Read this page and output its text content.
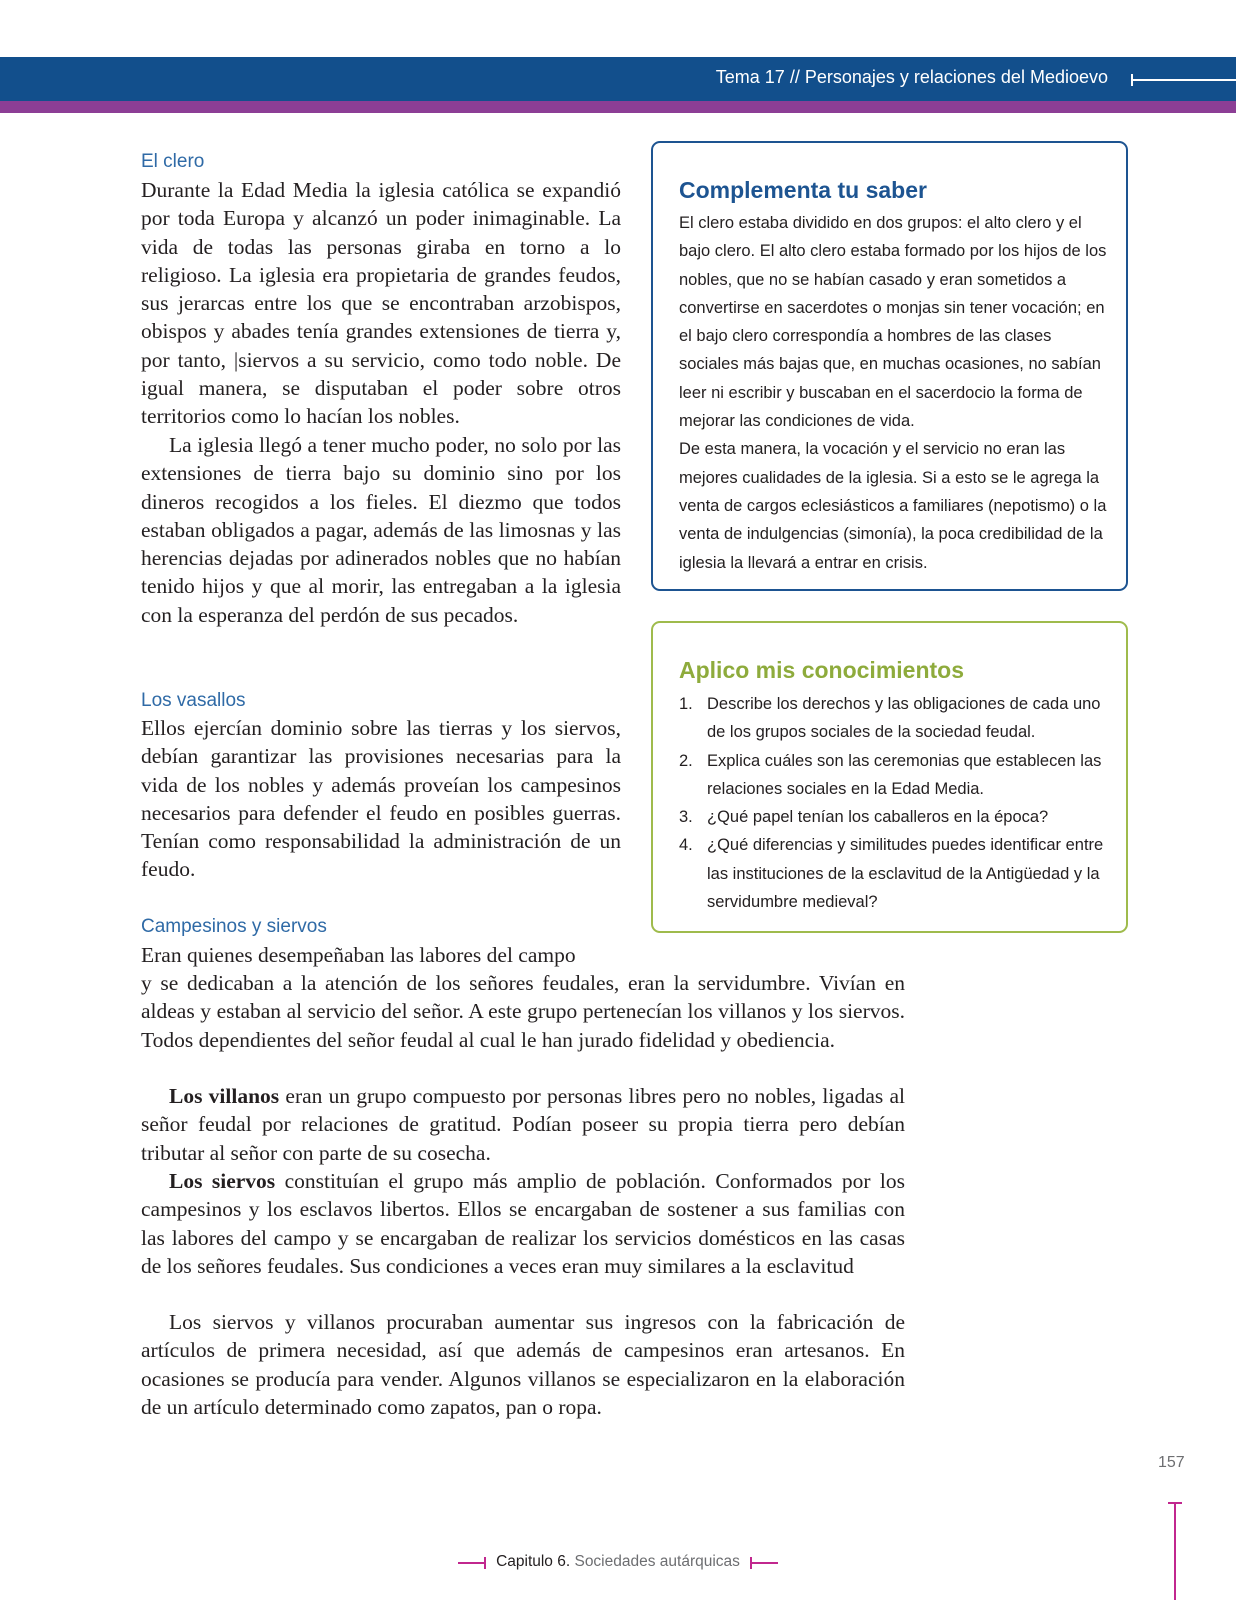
Tema 17 // Personajes y relaciones del Medioevo
El clero

Durante la Edad Media la iglesia católica se expandió por toda Europa y alcanzó un poder inimaginable. La vida de todas las personas giraba en torno a lo religioso. La iglesia era propietaria de grandes feudos, sus jerarcas entre los que se encontraban arzobispos, obispos y abades tenía grandes extensiones de tierra y, por tanto, |siervos a su servicio, como todo noble. De igual manera, se disputaban el poder sobre otros territorios como lo hacían los nobles.

La iglesia llegó a tener mucho poder, no solo por las extensiones de tierra bajo su dominio sino por los dineros recogidos a los fieles. El diezmo que todos estaban obligados a pagar, además de las limosnas y las herencias dejadas por adinerados nobles que no habían tenido hijos y que al morir, las entregaban a la iglesia con la esperanza del perdón de sus pecados.

Los vasallos

Ellos ejercían dominio sobre las tierras y los siervos, debían garantizar las provisiones necesarias para la vida de los nobles y además proveían los campesinos necesarios para defender el feudo en posibles guerras. Tenían como responsabilidad la administración de un feudo.

Campesinos y siervos

Eran quienes desempeñaban las labores del campo

y se dedicaban a la atención de los señores feudales, eran la servidumbre. Vivían en aldeas y estaban al servicio del señor. A este grupo pertenecían los villanos y los siervos. Todos dependientes del señor feudal al cual le han jurado fidelidad y obediencia.

Los villanos eran un grupo compuesto por personas libres pero no nobles, ligadas al señor feudal por relaciones de gratitud. Podían poseer su propia tierra pero debían tributar al señor con parte de su cosecha.

Los siervos constituían el grupo más amplio de población. Conformados por los campesinos y los esclavos libertos. Ellos se encargaban de sostener a sus familias con las labores del campo y se encargaban de realizar los servicios domésticos en las casas de los señores feudales. Sus condiciones a veces eran muy similares a la esclavitud

Los siervos y villanos procuraban aumentar sus ingresos con la fabricación de artículos de primera necesidad, así que además de campesinos eran artesanos. En ocasiones se producía para vender. Algunos villanos se especializaron en la elaboración de un artículo determinado como zapatos, pan o ropa.

Complementa tu saber

El clero estaba dividido en dos grupos: el alto clero y el bajo clero. El alto clero estaba formado por los hijos de los nobles, que no se habían casado y eran sometidos a convertirse en sacerdotes o monjas sin tener vocación; en el bajo clero correspondía a hombres de las clases sociales más bajas que, en muchas ocasiones, no sabían leer ni escribir y buscaban en el sacerdocio la forma de mejorar las condiciones de vida.

De esta manera, la vocación y el servicio no eran las mejores cualidades de la iglesia. Si a esto se le agrega la venta de cargos eclesiásticos a familiares (nepotismo) o la venta de indulgencias (simonía), la poca credibilidad de la iglesia la llevará a entrar en crisis.

Aplico mis conocimientos
1. Describe los derechos y las obligaciones de cada uno de los grupos sociales de la sociedad feudal.
2. Explica cuáles son las ceremonias que establecen las relaciones sociales en la Edad Media.
3. ¿Qué papel tenían los caballeros en la época?
4. ¿Qué diferencias y similitudes puedes identificar entre las instituciones de la esclavitud de la Antigüedad y la servidumbre medieval?
157
Capitulo 6. Sociedades autárquicas
